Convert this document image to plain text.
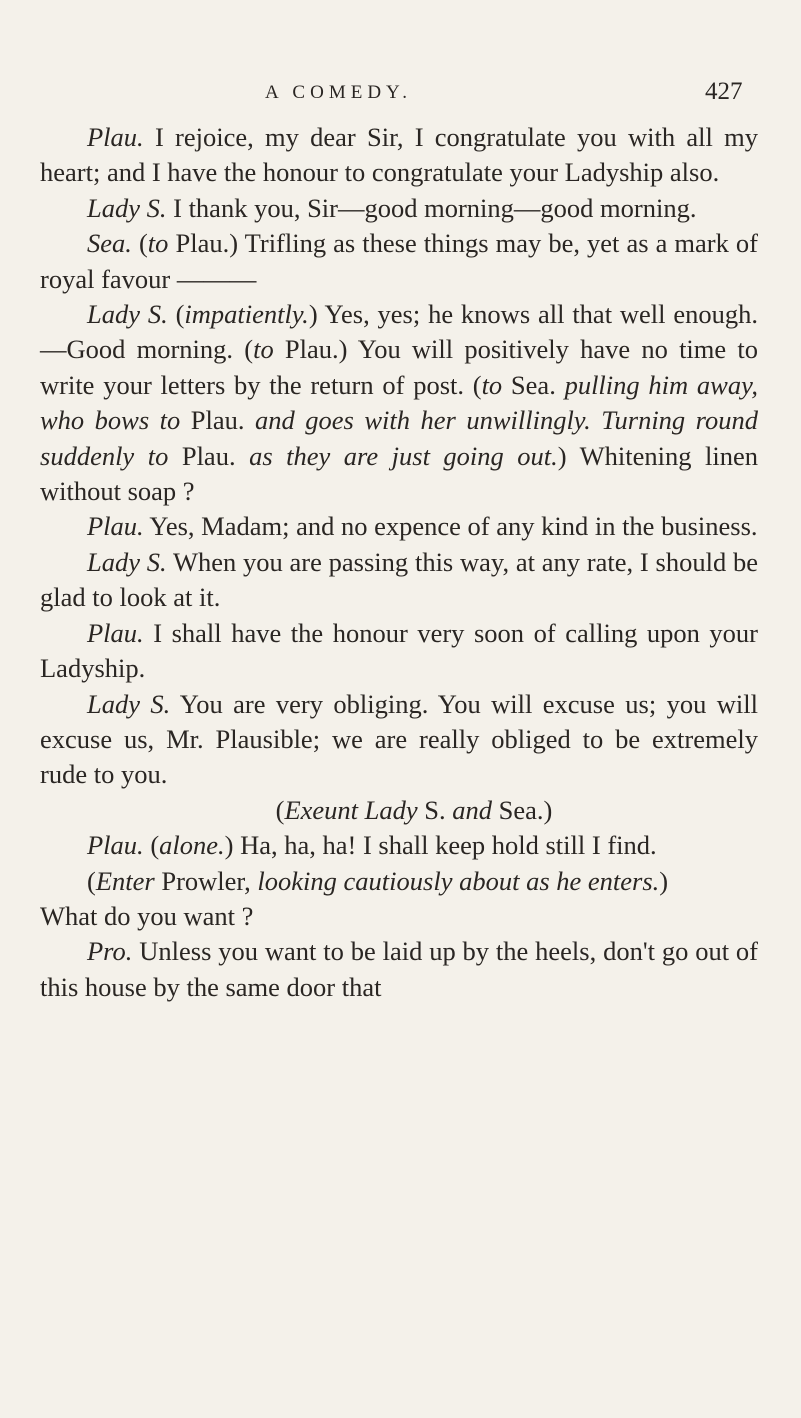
A COMEDY.	427

Plau. I rejoice, my dear Sir, I congratulate you with all my heart; and I have the honour to congratulate your Ladyship also.

Lady S. I thank you, Sir—good morning—good morning.

Sea. (to Plau.) Trifling as these things may be, yet as a mark of royal favour ———

Lady S. (impatiently.) Yes, yes; he knows all that well enough.—Good morning. (to Plau.) You will positively have no time to write your letters by the return of post. (to Sea. pulling him away, who bows to Plau. and goes with her unwillingly. Turning round suddenly to Plau. as they are just going out.) Whitening linen without soap ?

Plau. Yes, Madam; and no expence of any kind in the business.

Lady S. When you are passing this way, at any rate, I should be glad to look at it.

Plau. I shall have the honour very soon of calling upon your Ladyship.

Lady S. You are very obliging. You will excuse us; you will excuse us, Mr. Plausible; we are really obliged to be extremely rude to you.

(Exeunt Lady S. and Sea.)

Plau. (alone.) Ha, ha, ha! I shall keep hold still I find.

(Enter Prowler, looking cautiously about as he enters.)

What do you want ?

Pro. Unless you want to be laid up by the heels, don't go out of this house by the same door that
